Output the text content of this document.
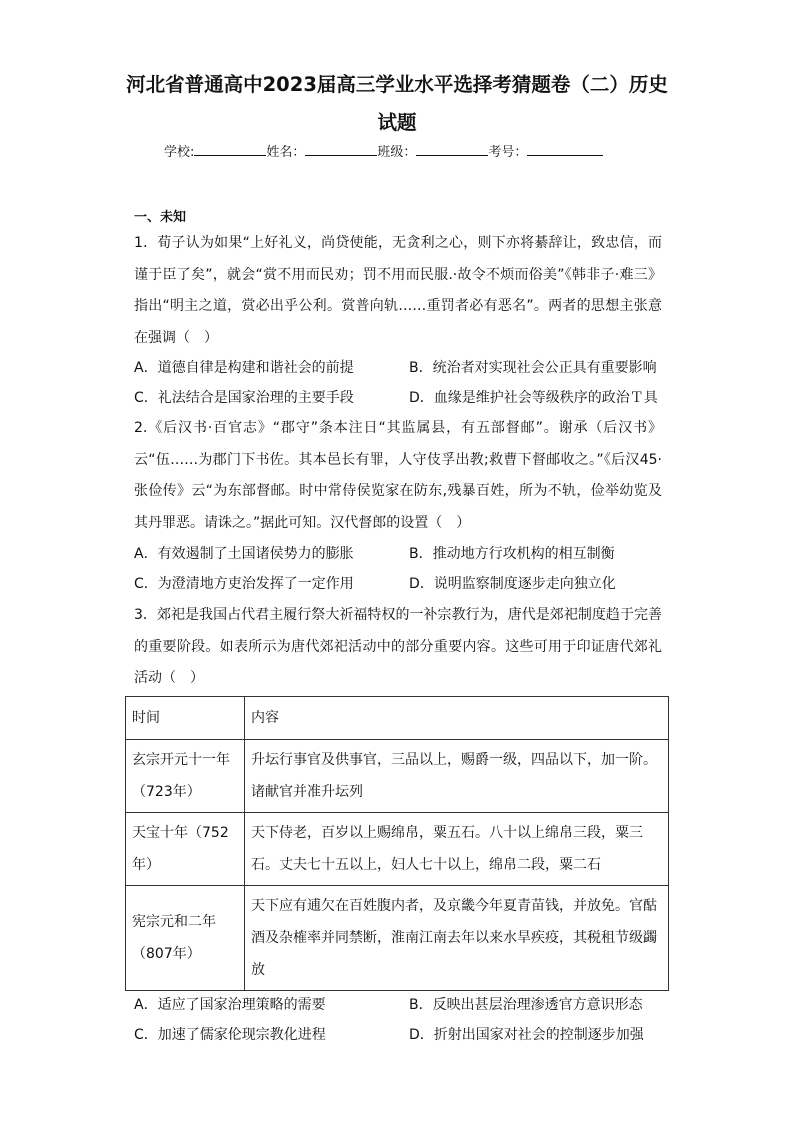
河北省普通高中2023届高三学业水平选择考猜题卷（二）历史试题
学校:	姓名：	班级：	考号：
一、未知
1．荀子认为如果“上好礼义，尚贷使能，无贪利之心，则下亦将綦辞让，致忠信，而谨于臣了矣”，就会“赏不用而民劝；罚不用而民服.·故令不烦而俗美”《韩非子·难三》指出“明主之道，赏必出乎公利。赏普向轨……重罚者必有恶名”。两者的思想主张意在强调（　）
A．道德自律是构建和谐社会的前提	B．统治者对实现社会公正具有重要影响
C．礼法结合是国家治理的主要手段	D．血缘是维护社会等级秩序的政治Ｔ具
2.《后汉书·百官志》“郡守”条本注日“其监属县，有五部督邮”。谢承（后汉书》云“伍……为郡门下书佐。其本邑长有罪，人守伎孚出教;救曹下督邮收之。”《后汉45·张俭传》云“为东部督邮。时中常侍侯览家在防东,残暴百姓，所为不轨，俭举幼览及其丹罪恶。请诛之。”据此可知。汉代督郎的设置（　）
A．有效遏制了土国诸侯势力的膨胀	B．推动地方行攻机构的相互制衡
C．为澄清地方吏治发挥了一定作用	D．说明监察制度逐步走向独立化
3．郊祀是我国占代君主履行祭大祈福特权的一补宗教行为，唐代是郊祀制度趋于完善的重要阶段。如表所示为唐代郊祀活动中的部分重要内容。这些可用于印证唐代郊礼活动（　）
时间	内容
玄宗开元十一年（723年）	升坛行事官及供事官，三品以上，赐爵一级，四品以下，加一阶。诸献官并准升坛列
天宝十年（752年）	天下侍老，百岁以上赐绵帛，粟五石。八十以上绵帛三段，粟三石。丈夫七十五以上，妇人七十以上，绵帛二段，粟二石
宪宗元和二年（807年）	天下应有逋欠在百姓腹内者，及京畿今年夏青苗钱，并放免。官酤酒及杂榷率并同禁断，淮南江南去年以来水旱疾疫，其税租节级蠲放
A．适应了国家治理策略的需要	B．反映出甚层治理渗透官方意识形态
C．加速了儒家伦现宗教化进程	D．折射出国家对社会的控制逐步加强
